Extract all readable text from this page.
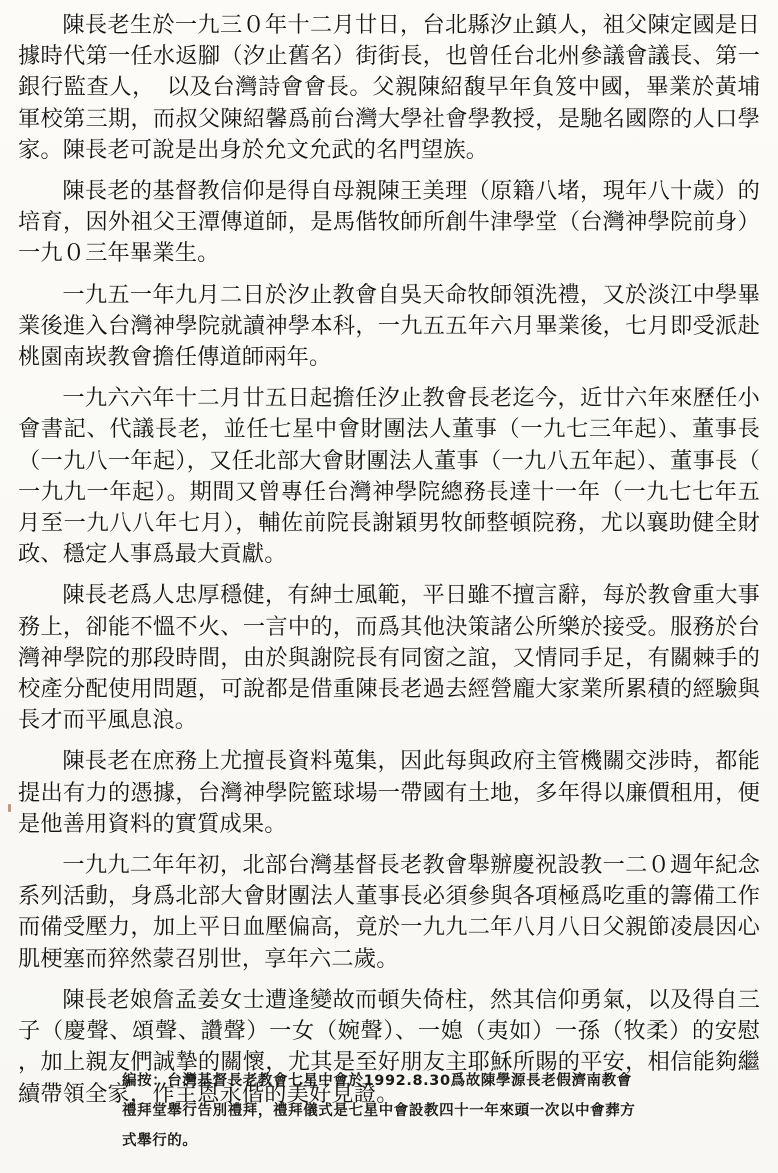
陳長老生於一九三０年十二月廿日，台北縣汐止鎮人，祖父陳定國是日據時代第一任水返腳（汐止舊名）街街長，也曾任台北州參議會議長、第一銀行監查人，　以及台灣詩會會長。父親陳紹馥早年負笈中國，畢業於黃埔軍校第三期，而叔父陳紹馨爲前台灣大學社會學教授，是馳名國際的人口學家。陳長老可說是出身於允文允武的名門望族。

陳長老的基督教信仰是得自母親陳王美理（原籍八堵，現年八十歲）的培育，因外祖父王潭傳道師，是馬偕牧師所創牛津學堂（台灣神學院前身）一九０三年畢業生。

一九五一年九月二日於汐止教會自吳天命牧師領洗禮，又於淡江中學畢業後進入台灣神學院就讀神學本科，一九五五年六月畢業後，七月即受派赴桃園南崁教會擔任傳道師兩年。

一九六六年十二月廿五日起擔任汐止教會長老迄今，近廿六年來歷任小會書記、代議長老，並任七星中會財團法人董事（一九七三年起）、董事長（一九八一年起），又任北部大會財團法人董事（一九八五年起）、董事長（一九九一年起）。期間又曾專任台灣神學院總務長達十一年（一九七七年五月至一九八八年七月），輔佐前院長謝穎男牧師整頓院務，尤以襄助健全財政、穩定人事爲最大貢獻。

陳長老爲人忠厚穩健，有紳士風範，平日雖不擅言辭，每於教會重大事務上，卻能不慍不火、一言中的，而爲其他決策諸公所樂於接受。服務於台灣神學院的那段時間，由於與謝院長有同窗之誼，又情同手足，有關棘手的校產分配使用問題，可說都是借重陳長老過去經營龐大家業所累積的經驗與長才而平風息浪。

陳長老在庶務上尤擅長資料蒐集，因此每與政府主管機關交涉時，都能提出有力的憑據，台灣神學院籃球場一帶國有土地，多年得以廉價租用，便是他善用資料的實質成果。

一九九二年年初，北部台灣基督長老教會舉辦慶祝設教一二０週年紀念系列活動，身爲北部大會財團法人董事長必須參與各項極爲吃重的籌備工作而備受壓力，加上平日血壓偏高，竟於一九九二年八月八日父親節凌晨因心肌梗塞而猝然蒙召別世，享年六二歲。

陳長老娘詹孟姜女士遭逢變故而頓失倚柱，然其信仰勇氣，以及得自三子（慶聲、頌聲、讚聲）一女（婉聲）、一媳（夷如）一孫（牧柔）的安慰，加上親友們誠摯的關懷，尤其是至好朋友主耶穌所賜的平安，相信能夠繼續帶領全家，作主恩永偕的美好見證。

編按：台灣基督長老教會七星中會於1992.8.30爲故陳學源長老假濟南教會禮拜堂舉行告別禮拜，禮拜儀式是七星中會設教四十一年來頭一次以中會葬方式舉行的。
